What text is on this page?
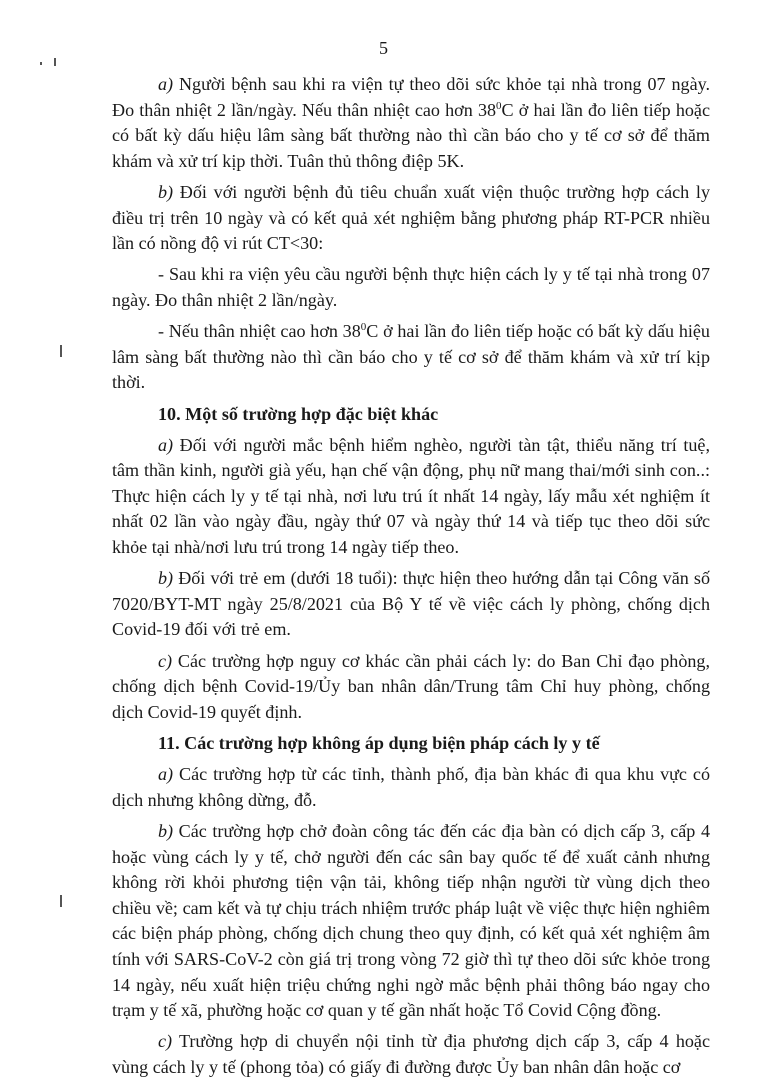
5

a) Người bệnh sau khi ra viện tự theo dõi sức khỏe tại nhà trong 07 ngày. Đo thân nhiệt 2 lần/ngày. Nếu thân nhiệt cao hơn $38^0C$ ở hai lần đo liên tiếp hoặc có bất kỳ dấu hiệu lâm sàng bất thường nào thì cần báo cho y tế cơ sở để thăm khám và xử trí kịp thời. Tuân thủ thông điệp 5K.

b) Đối với người bệnh đủ tiêu chuẩn xuất viện thuộc trường hợp cách ly điều trị trên 10 ngày và có kết quả xét nghiệm bằng phương pháp RT-PCR nhiều lần có nồng độ vi rút CT<30:

- Sau khi ra viện yêu cầu người bệnh thực hiện cách ly y tế tại nhà trong 07 ngày. Đo thân nhiệt 2 lần/ngày.

- Nếu thân nhiệt cao hơn $38^0C$ ở hai lần đo liên tiếp hoặc có bất kỳ dấu hiệu lâm sàng bất thường nào thì cần báo cho y tế cơ sở để thăm khám và xử trí kịp thời.

10. Một số trường hợp đặc biệt khác

a) Đối với người mắc bệnh hiểm nghèo, người tàn tật, thiểu năng trí tuệ, tâm thần kinh, người già yếu, hạn chế vận động, phụ nữ mang thai/mới sinh con..: Thực hiện cách ly y tế tại nhà, nơi lưu trú ít nhất 14 ngày, lấy mẫu xét nghiệm ít nhất 02 lần vào ngày đầu, ngày thứ 07 và ngày thứ 14 và tiếp tục theo dõi sức khỏe tại nhà/nơi lưu trú trong 14 ngày tiếp theo.

b) Đối với trẻ em (dưới 18 tuổi): thực hiện theo hướng dẫn tại Công văn số 7020/BYT-MT ngày 25/8/2021 của Bộ Y tế về việc cách ly phòng, chống dịch Covid-19 đối với trẻ em.

c) Các trường hợp nguy cơ khác cần phải cách ly: do Ban Chỉ đạo phòng, chống dịch bệnh Covid-19/Ủy ban nhân dân/Trung tâm Chỉ huy phòng, chống dịch Covid-19 quyết định.

11. Các trường hợp không áp dụng biện pháp cách ly y tế

a) Các trường hợp từ các tỉnh, thành phố, địa bàn khác đi qua khu vực có dịch nhưng không dừng, đỗ.

b) Các trường hợp chở đoàn công tác đến các địa bàn có dịch cấp 3, cấp 4 hoặc vùng cách ly y tế, chở người đến các sân bay quốc tế để xuất cảnh nhưng không rời khỏi phương tiện vận tải, không tiếp nhận người từ vùng dịch theo chiều về; cam kết và tự chịu trách nhiệm trước pháp luật về việc thực hiện nghiêm các biện pháp phòng, chống dịch chung theo quy định, có kết quả xét nghiệm âm tính với SARS-CoV-2 còn giá trị trong vòng 72 giờ thì tự theo dõi sức khỏe trong 14 ngày, nếu xuất hiện triệu chứng nghi ngờ mắc bệnh phải thông báo ngay cho trạm y tế xã, phường hoặc cơ quan y tế gần nhất hoặc Tổ Covid Cộng đồng.

c) Trường hợp di chuyển nội tỉnh từ địa phương dịch cấp 3, cấp 4 hoặc vùng cách ly y tế (phong tỏa) có giấy đi đường được Ủy ban nhân dân hoặc cơ
